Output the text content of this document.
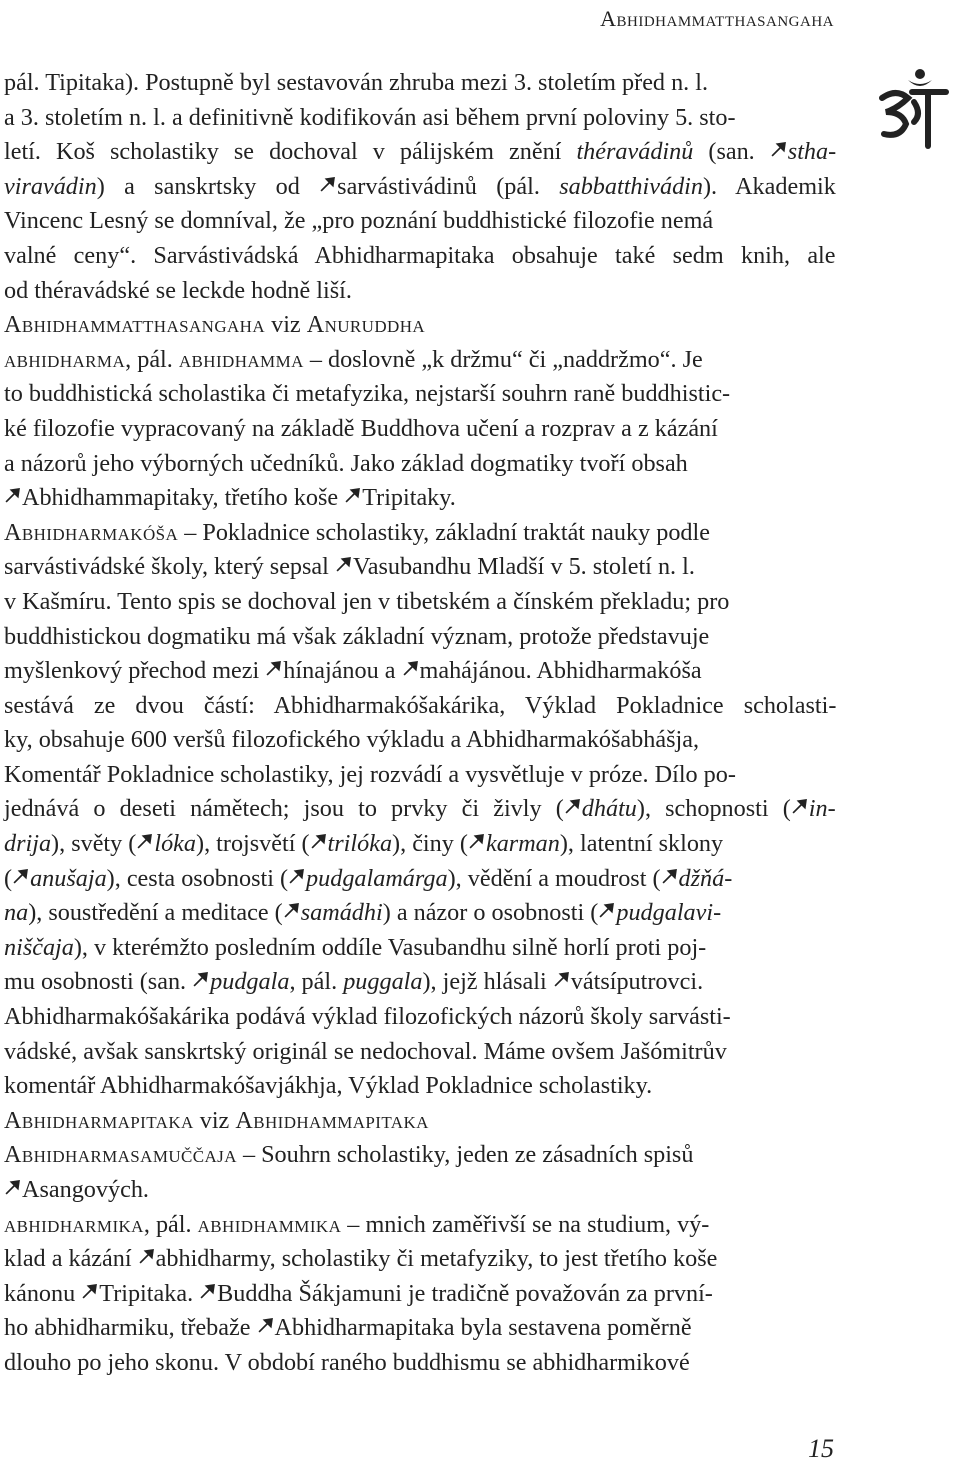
Abhidhammatthasangaha
pál. Tipitaka). Postupně byl sestavován zhruba mezi 3. stoletím před n. l.
a 3. stoletím n. l. a definitivně kodifikován asi během první poloviny 5. sto-
letí. Koš scholastiky se dochoval v pálijském znění théravádinů (san. stha-
viravádin) a sanskrtsky od sarvástivádinů (pál. sabbatthivádin). Akademik
Vincenc Lesný se domníval, že „pro poznání buddhistické filozofie nemá
valné ceny“. Sarvástivádská Abhidharmapitaka obsahuje také sedm knih, ale
od théravádské se leckde hodně liší.
Abhidhammatthasangaha viz Anuruddha
abhidharma, pál. abhidhamma – doslovně „k držmu“ či „naddržmo“. Je
to buddhistická scholastika či metafyzika, nejstarší souhrn raně buddhistic-
ké filozofie vypracovaný na základě Buddhova učení a rozprav a z kázání
a názorů jeho výborných učedníků. Jako základ dogmatiky tvoří obsah
Abhidhammapitaky, třetího koše Tripitaky.
Abhidharmakóša – Pokladnice scholastiky, základní traktát nauky podle
sarvástivádské školy, který sepsal Vasubandhu Mladší v 5. století n. l.
v Kašmíru. Tento spis se dochoval jen v tibetském a čínském překladu; pro
buddhistickou dogmatiku má však základní význam, protože představuje
myšlenkový přechod mezi hínajánou a mahájánou. Abhidharmakóša
sestává ze dvou částí: Abhidharmakóšakárika, Výklad Pokladnice scholasti-
ky, obsahuje 600 veršů filozofického výkladu a Abhidharmakóšabhášja,
Komentář Pokladnice scholastiky, jej rozvádí a vysvětluje v próze. Dílo po-
jednává o deseti námětech; jsou to prvky či živly ( dhátu), schopnosti ( in-
drija), světy ( lóka), trojsvětí ( trilóka), činy ( karman), latentní sklony
( anušaja), cesta osobnosti ( pudgalamárga), vědění a moudrost ( džňá-
na), soustředění a meditace ( samádhi) a názor o osobnosti ( pudgalavi-
niščaja), v kterémžto posledním oddíle Vasubandhu silně horlí proti poj-
mu osobnosti (san. pudgala, pál. puggala), jejž hlásali vátsíputrovci.
Abhidharmakóšakárika podává výklad filozofických názorů školy sarvásti-
vádské, avšak sanskrtský originál se nedochoval. Máme ovšem Jašómitrův
komentář Abhidharmakóšavjákhja, Výklad Pokladnice scholastiky.
Abhidharmapitaka viz Abhidhammapitaka
Abhidharmasamuččaja – Souhrn scholastiky, jeden ze zásadních spisů
Asangových.
abhidharmika, pál. abhidhammika – mnich zaměřivší se na studium, vý-
klad a kázání abhidharmy, scholastiky či metafyziky, to jest třetího koše
kánonu Tripitaka. Buddha Šákjamuni je tradičně považován za první-
ho abhidharmiku, třebaže Abhidharmapitaka byla sestavena poměrně
dlouho po jeho skonu. V období raného buddhismu se abhidharmikové
15
